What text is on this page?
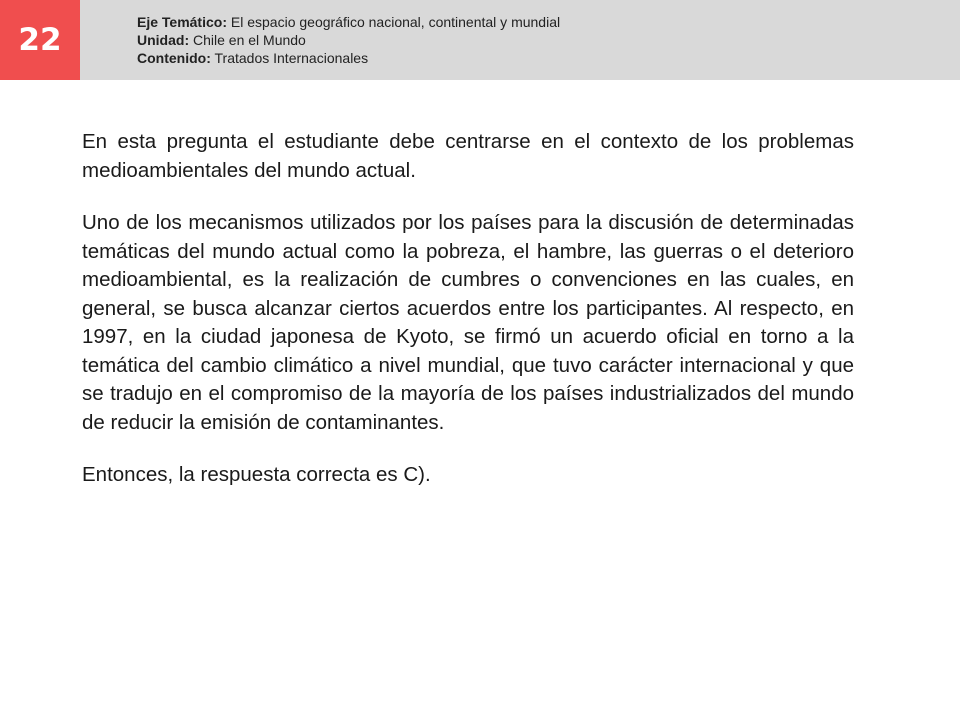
22	Eje Temático: El espacio geográfico nacional, continental y mundial
Unidad: Chile en el Mundo
Contenido: Tratados Internacionales

En esta pregunta el estudiante debe centrarse en el contexto de los problemas medioambientales del mundo actual.

Uno de los mecanismos utilizados por los países para la discusión de determinadas temáticas del mundo actual como la pobreza, el hambre, las guerras o el deterioro medioambiental, es la realización de cumbres o convenciones en las cuales, en general, se busca alcanzar ciertos acuerdos entre los participantes. Al respecto, en 1997, en la ciudad japonesa de Kyoto, se firmó un acuerdo oficial en torno a la temática del cambio climático a nivel mundial, que tuvo carácter internacional y que se tradujo en el compromiso de la mayoría de los países industrializados del mundo de reducir la emisión de contaminantes.

Entonces, la respuesta correcta es C).
